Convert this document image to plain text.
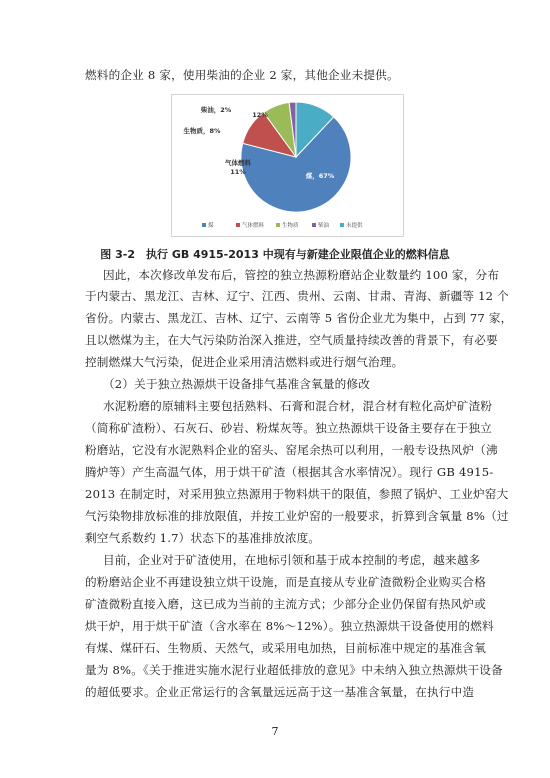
燃料的企业 8 家，使用柴油的企业 2 家，其他企业未提供。
煤，67%
气体燃料 11%
生物质，8%
柴油，2%
12%
煤	气体燃料	生物质	柴油	未提供
图 3-2　执行 GB 4915-2013 中现有与新建企业限值企业的燃料信息
因此，本次修改单发布后，管控的独立热源粉磨站企业数量约 100 家，分布
于内蒙古、黑龙江、吉林、辽宁、江西、贵州、云南、甘肃、青海、新疆等 12 个
省份。内蒙古、黑龙江、吉林、辽宁、云南等 5 省份企业尤为集中，占到 77 家，
且以燃煤为主，在大气污染防治深入推进，空气质量持续改善的背景下，有必要
控制燃煤大气污染，促进企业采用清洁燃料或进行烟气治理。
（2）关于独立热源烘干设备排气基准含氧量的修改
水泥粉磨的原辅料主要包括熟料、石膏和混合材，混合材有粒化高炉矿渣粉
（简称矿渣粉）、石灰石、砂岩、粉煤灰等。独立热源烘干设备主要存在于独立
粉磨站，它没有水泥熟料企业的窑头、窑尾余热可以利用，一般专设热风炉（沸
腾炉等）产生高温气体，用于烘干矿渣（根据其含水率情况）。现行 GB 4915-
2013 在制定时，对采用独立热源用于物料烘干的限值，参照了锅炉、工业炉窑大
气污染物排放标准的排放限值，并按工业炉窑的一般要求，折算到含氧量 8%（过
剩空气系数约 1.7）状态下的基准排放浓度。
目前，企业对于矿渣使用，在地标引领和基于成本控制的考虑，越来越多
的粉磨站企业不再建设独立烘干设施，而是直接从专业矿渣微粉企业购买合格
矿渣微粉直接入磨，这已成为当前的主流方式；少部分企业仍保留有热风炉或
烘干炉，用于烘干矿渣（含水率在 8%～12%）。独立热源烘干设备使用的燃料
有煤、煤矸石、生物质、天然气，或采用电加热，目前标准中规定的基准含氧
量为 8%。《关于推进实施水泥行业超低排放的意见》中未纳入独立热源烘干设备
的超低要求。企业正常运行的含氧量远远高于这一基准含氧量，在执行中造
7
